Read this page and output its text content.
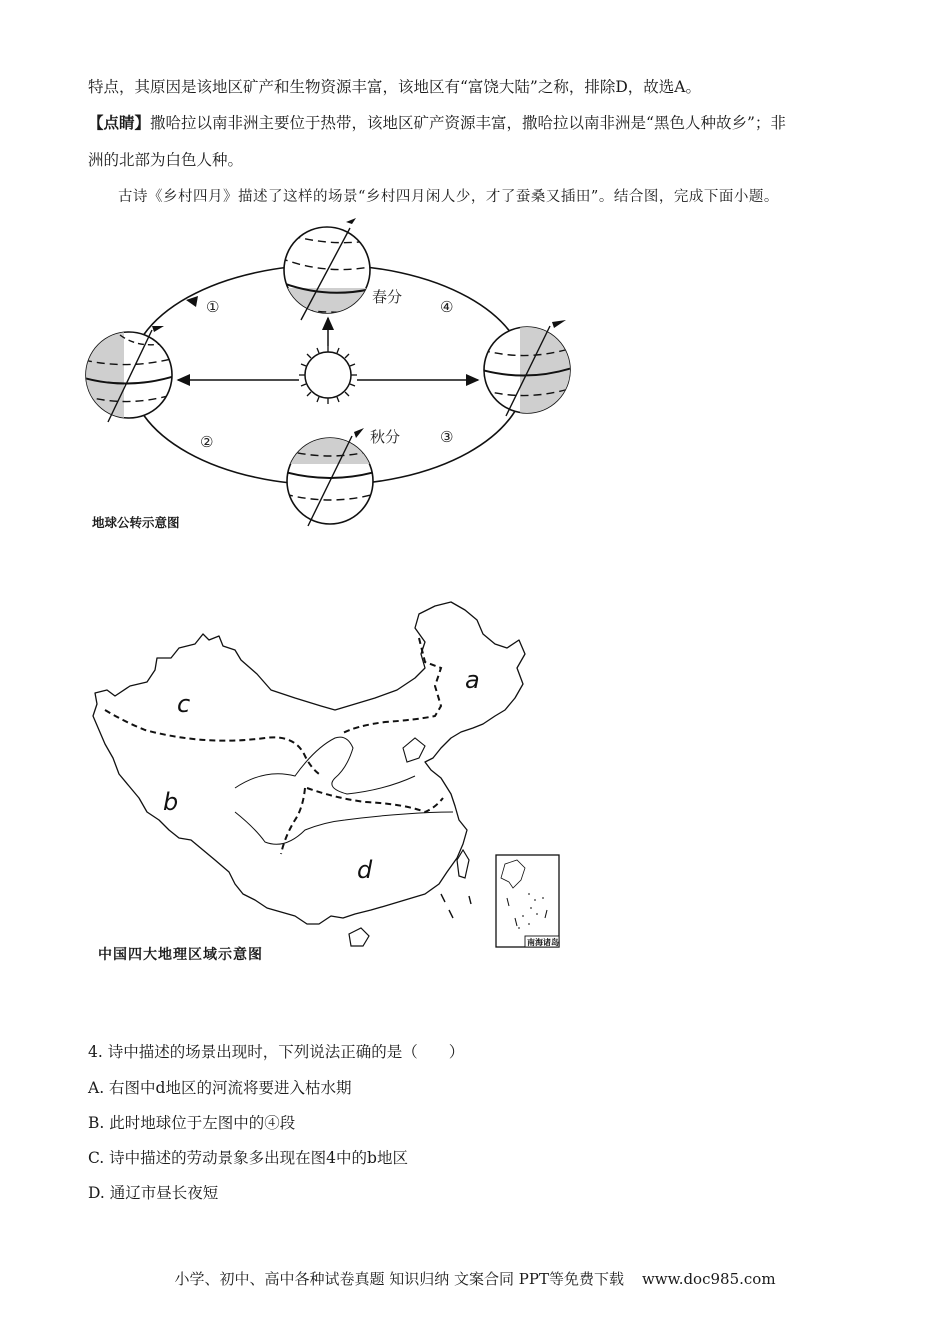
特点，其原因是该地区矿产和生物资源丰富，该地区有“富饶大陆”之称，排除D，故选A。
【点睛】撒哈拉以南非洲主要位于热带，该地区矿产资源丰富，撒哈拉以南非洲是“黑色人种故乡”；非
洲的北部为白色人种。
古诗《乡村四月》描述了这样的场景“乡村四月闲人少，才了蚕桑又插田”。结合图，完成下面小题。
春分
④
①
②	③
秋分
地球公转示意图
a
b
c
d
南海诸岛
中国四大地理区域示意图
4. 诗中描述的场景出现时，下列说法正确的是（　　）
A. 右图中d地区的河流将要进入枯水期
B. 此时地球位于左图中的④段
C. 诗中描述的劳动景象多出现在图4中的b地区
D. 通辽市昼长夜短
小学、初中、高中各种试卷真题 知识归纳 文案合同 PPT等免费下载 www.doc985.com
